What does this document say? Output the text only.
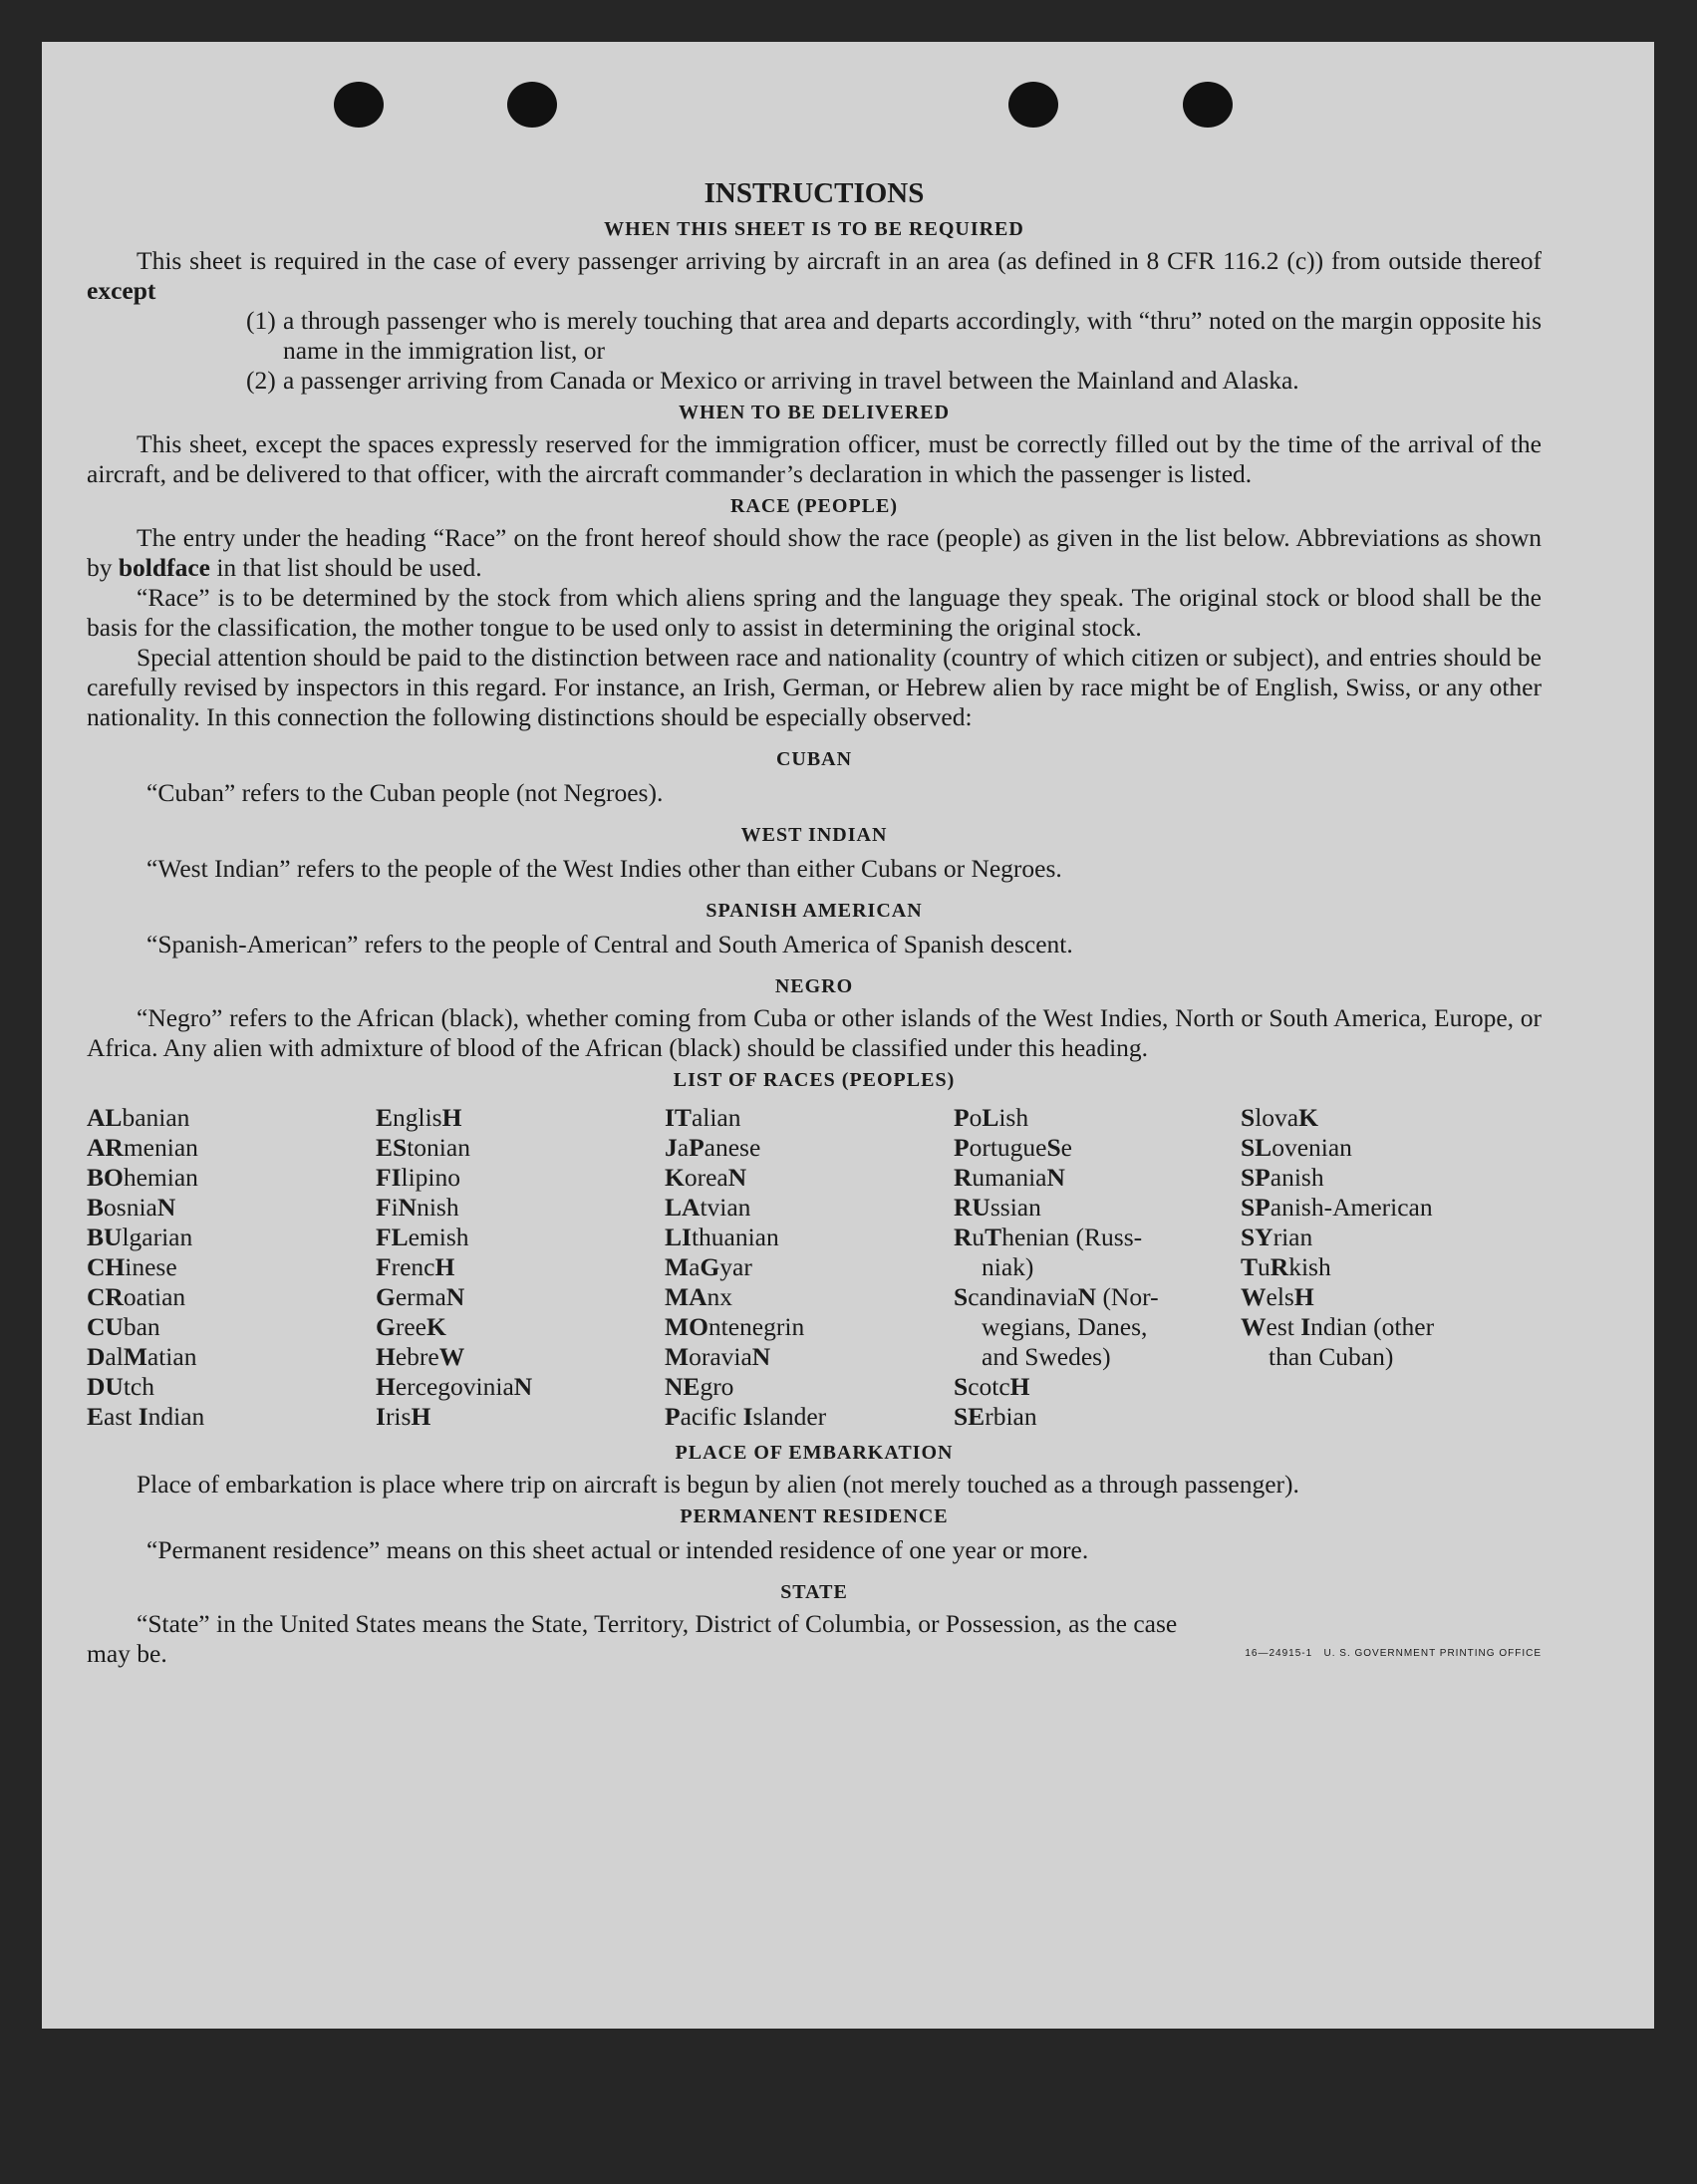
INSTRUCTIONS
WHEN THIS SHEET IS TO BE REQUIRED

This sheet is required in the case of every passenger arriving by aircraft in an area (as defined in 8 CFR 116.2 (c)) from outside thereof except

(1) a through passenger who is merely touching that area and departs accordingly, with “thru” noted on the margin opposite his name in the immigration list, or

(2) a passenger arriving from Canada or Mexico or arriving in travel between the Mainland and Alaska.

WHEN TO BE DELIVERED

This sheet, except the spaces expressly reserved for the immigration officer, must be correctly filled out by the time of the arrival of the aircraft, and be delivered to that officer, with the aircraft commander’s declaration in which the passenger is listed.

RACE (PEOPLE)

The entry under the heading “Race” on the front hereof should show the race (people) as given in the list below. Abbreviations as shown by boldface in that list should be used.

“Race” is to be determined by the stock from which aliens spring and the language they speak. The original stock or blood shall be the basis for the classification, the mother tongue to be used only to assist in determining the original stock.

Special attention should be paid to the distinction between race and nationality (country of which citizen or subject), and entries should be carefully revised by inspectors in this regard. For instance, an Irish, German, or Hebrew alien by race might be of English, Swiss, or any other nationality. In this connection the following distinctions should be especially observed:

CUBAN

“Cuban” refers to the Cuban people (not Negroes).

WEST INDIAN

“West Indian” refers to the people of the West Indies other than either Cubans or Negroes.

SPANISH AMERICAN

“Spanish-American” refers to the people of Central and South America of Spanish descent.

NEGRO

“Negro” refers to the African (black), whether coming from Cuba or other islands of the West Indies, North or South America, Europe, or Africa. Any alien with admixture of blood of the African (black) should be classified under this heading.

LIST OF RACES (PEOPLES)
ALbanian
ARmenian
BOhemian
BosniaN
BUlgarian
CHinese
CRoatian
CUban
DalMatian
DUtch
East Indian
EnglisH
EStonian
FIlipino
FiNnish
FLemish
FrencH
GermaN
GreeK
HebreW
HercegoviniaN
IrisH
ITalian
JaPanese
KoreaN
LAtvian
LIthuanian
MaGyar
MAnx
MOntenegrin
MoraviaN
NEgro
Pacific Islander
PoLish
PortugueSe
RumaniaN
RUssian
RuThenian (Russ-
niak)
ScandinaviaN (Nor-
wegians, Danes,
and Swedes)
ScotcH
SErbian
SlovaK
SLovenian
SPanish
SPanish-American
SYrian
TuRkish
WelsH
West Indian (other
than Cuban)
PLACE OF EMBARKATION

Place of embarkation is place where trip on aircraft is begun by alien (not merely touched as a through passenger).

PERMANENT RESIDENCE

“Permanent residence” means on this sheet actual or intended residence of one year or more.

STATE

“State” in the United States means the State, Territory, District of Columbia, or Possession, as the case

may be.	16—24915-1 U. S. GOVERNMENT PRINTING OFFICE
